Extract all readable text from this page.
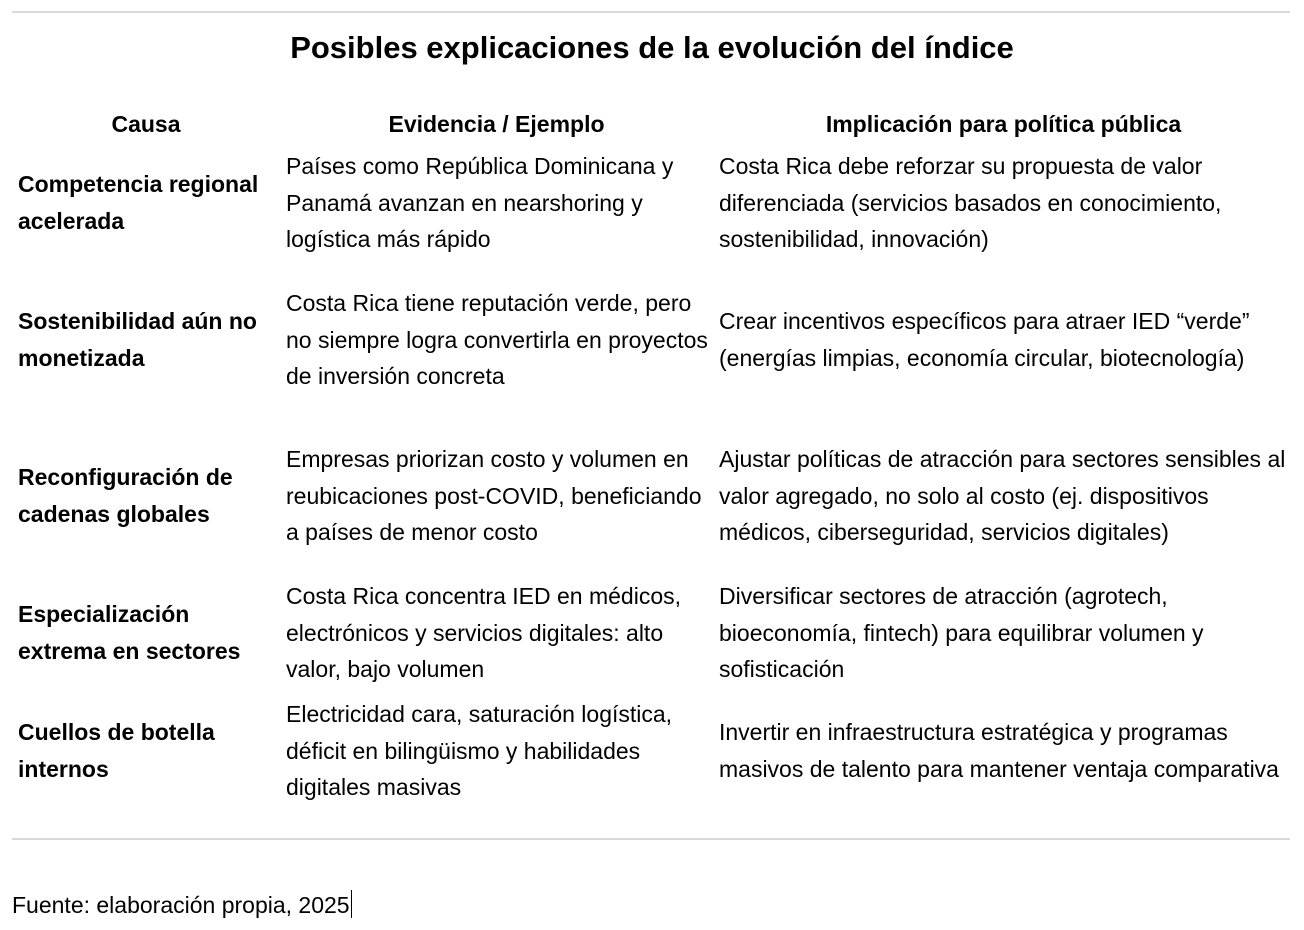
Posibles explicaciones de la evolución del índice
Causa	Evidencia / Ejemplo	Implicación para política pública
Competencia regional acelerada	Países como República Dominicana y Panamá avanzan en nearshoring y logística más rápido	Costa Rica debe reforzar su propuesta de valor diferenciada (servicios basados en conocimiento, sostenibilidad, innovación)
Sostenibilidad aún no monetizada	Costa Rica tiene reputación verde, pero no siempre logra convertirla en proyectos de inversión concreta	Crear incentivos específicos para atraer IED “verde” (energías limpias, economía circular, biotecnología)
Reconfiguración de cadenas globales	Empresas priorizan costo y volumen en reubicaciones post-COVID, beneficiando a países de menor costo	Ajustar políticas de atracción para sectores sensibles al valor agregado, no solo al costo (ej. dispositivos médicos, ciberseguridad, servicios digitales)
Especialización extrema en sectores	Costa Rica concentra IED en médicos, electrónicos y servicios digitales: alto valor, bajo volumen	Diversificar sectores de atracción (agrotech, bioeconomía, fintech) para equilibrar volumen y sofisticación
Cuellos de botella internos	Electricidad cara, saturación logística, déficit en bilingüismo y habilidades digitales masivas	Invertir en infraestructura estratégica y programas masivos de talento para mantener ventaja comparativa
Fuente: elaboración propia, 2025
